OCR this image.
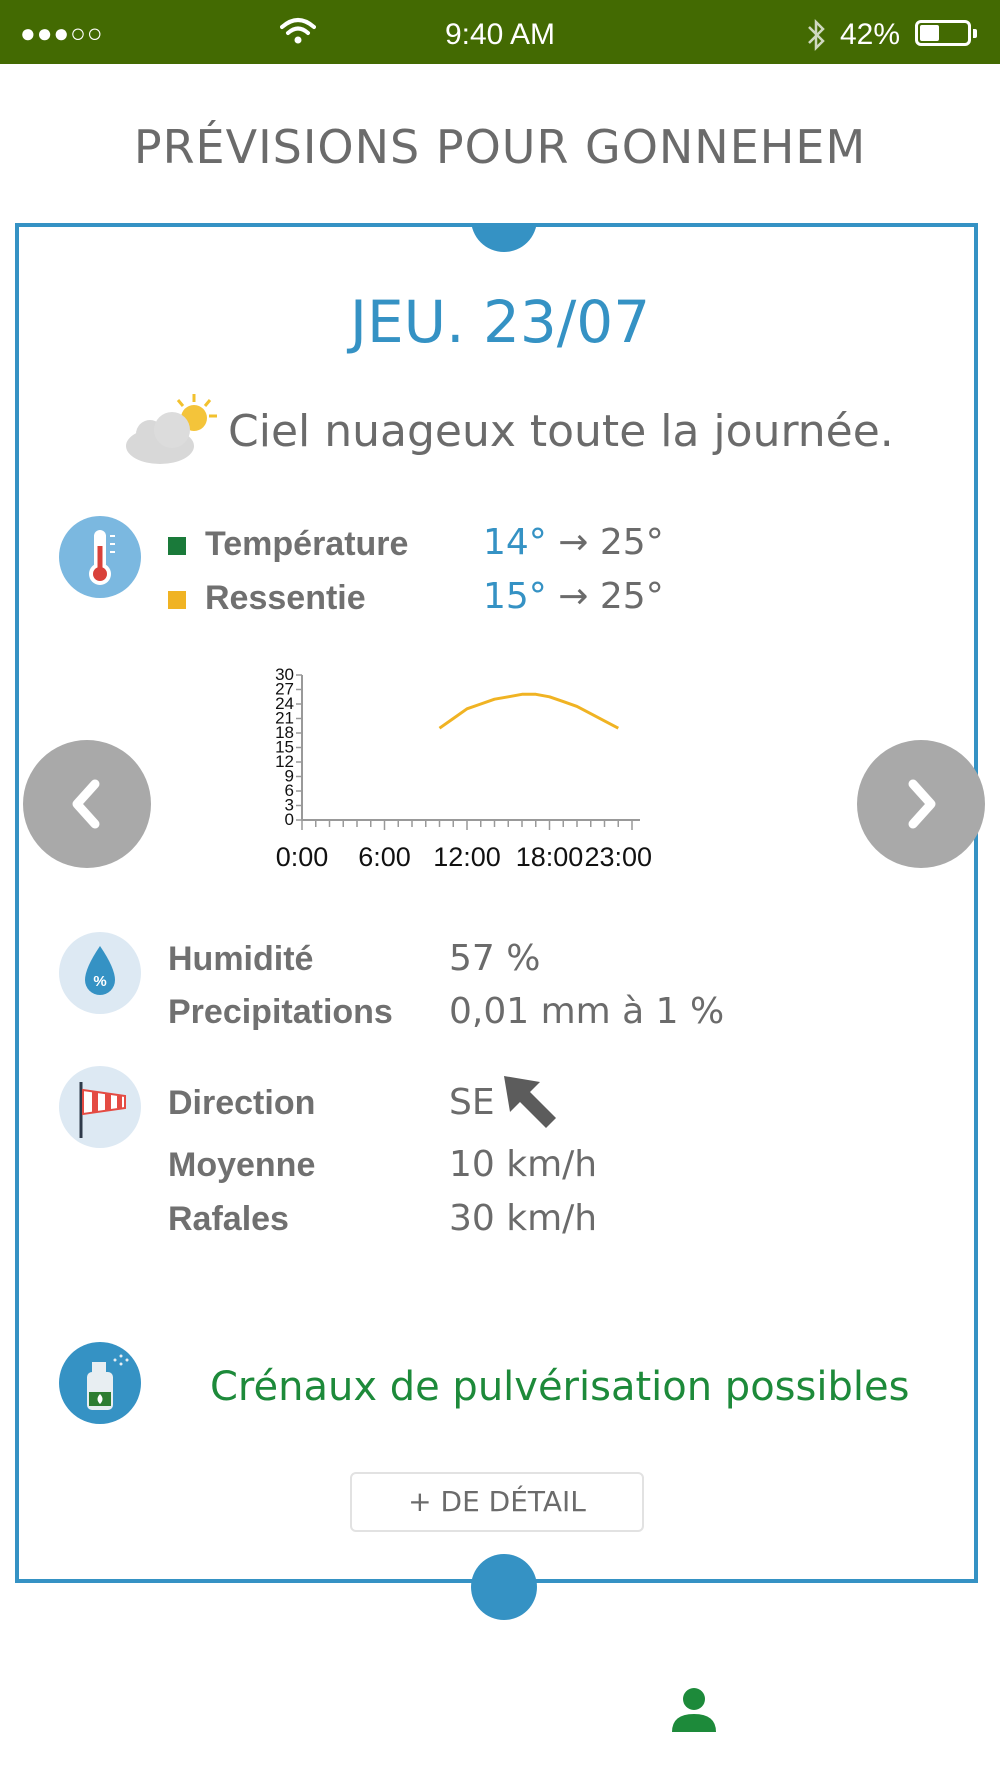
●●●○○	9:40 AM	42%
PRÉVISIONS POUR GONNEHEM
JEU. 23/07
Ciel nuageux toute la journée.
Température 14° → 25°
Ressentie	15° → 25°
30
27
24
21
18
15
12
9
6
3
0
0:00 6:00 12:00 18:00 23:00
%
Humidité	57 %
Precipitations 0,01 mm à 1 %
Direction	SE
Moyenne	10 km/h
Rafales	30 km/h
Crénaux de pulvérisation possibles
+ DE DÉTAIL
